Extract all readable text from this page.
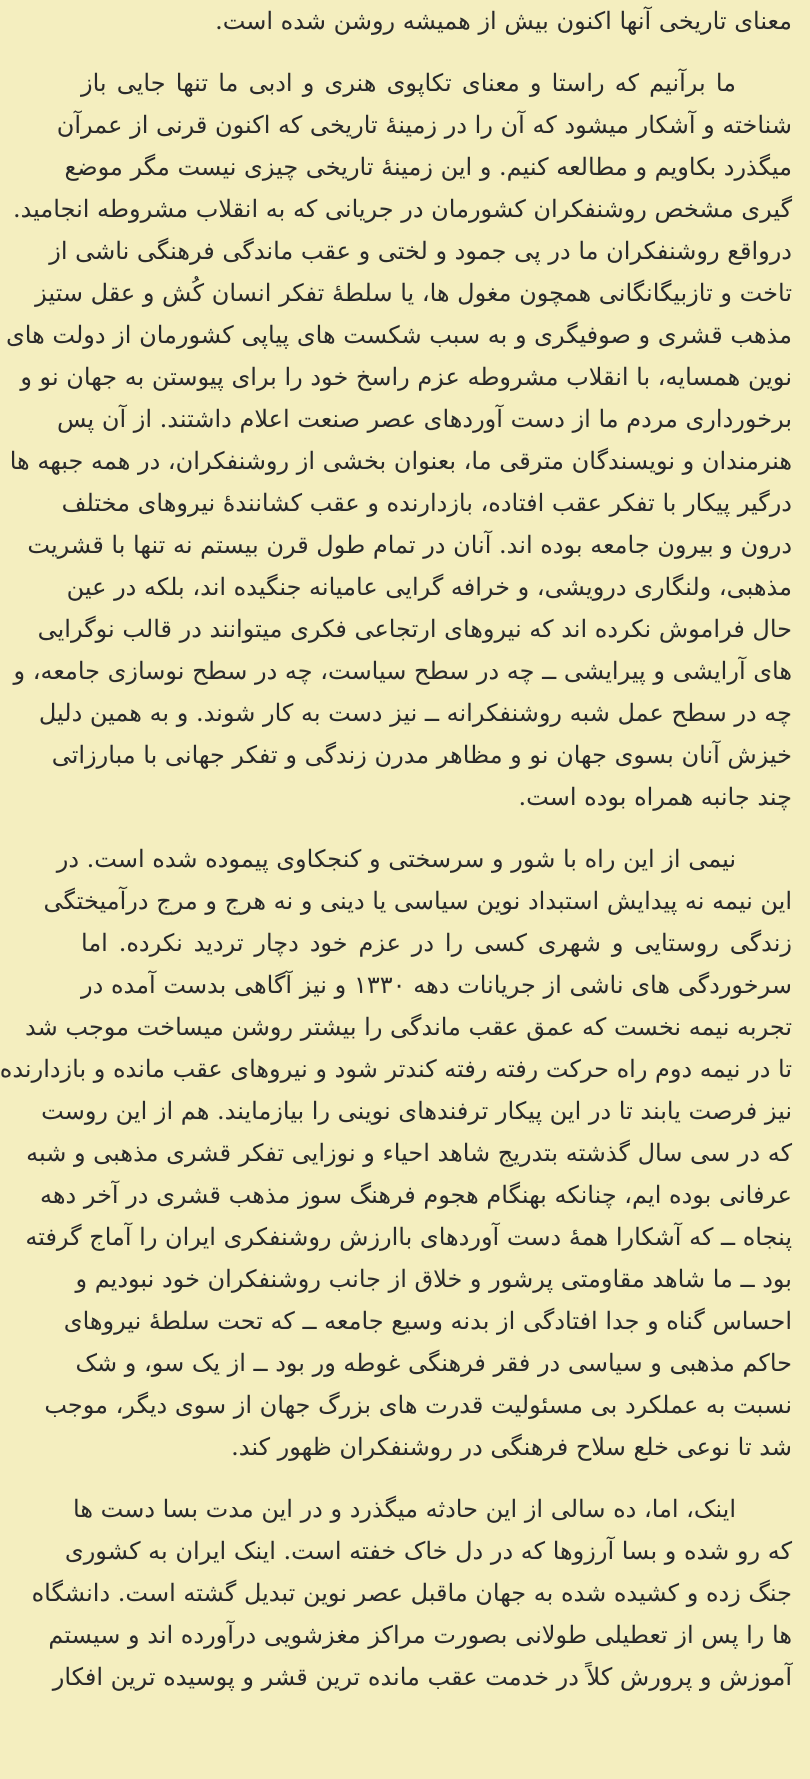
معنای تاریخی آنها اکنون بیش از همیشه روشن شده است.
ما برآنیم که راستا و معنای تکاپوی هنری و ادبی ما تنها جایی باز
شناخته و آشکار میشود که آن را در زمینهٔ تاریخی که اکنون قرنی از عمرآن
میگذرد بکاویم و مطالعه کنیم. و این زمینهٔ تاریخی چیزی نیست مگر موضع
گیری مشخص روشنفکران کشورمان در جریانی که به انقلاب مشروطه انجامید.
درواقع روشنفکران ما در پی جمود و لختی و عقب ماندگی فرهنگی ناشی از
تاخت و تازبیگانگانی همچون مغول ها، یا سلطهٔ تفکر انسان کُش و عقل ستیز
مذهب قشری و صوفیگری و به سبب شکست های پیاپی کشورمان از دولت های
نوین همسایه، با انقلاب مشروطه عزم راسخ خود را برای پیوستن به جهان نو و
برخورداری مردم ما از دست آوردهای عصر صنعت اعلام داشتند. از آن پس
هنرمندان و نویسندگان مترقی ما، بعنوان بخشی از روشنفکران، در همه جبهه ها
درگیر پیکار با تفکر عقب افتاده، بازدارنده و عقب کشانندهٔ نیروهای مختلف
درون و بیرون جامعه بوده اند. آنان در تمام طول قرن بیستم نه تنها با قشریت
مذهبی، ولنگاری درویشی، و خرافه گرایی عامیانه جنگیده اند، بلکه در عین
حال فراموش نکرده اند که نیروهای ارتجاعی فکری میتوانند در قالب نوگرایی
های آرایشی و پیرایشی ــ چه در سطح سیاست، چه در سطح نوسازی جامعه، و
چه در سطح عمل شبه روشنفکرانه ــ نیز دست به کار شوند. و به همین دلیل
خیزش آنان بسوی جهان نو و مظاهر مدرن زندگی و تفکر جهانی با مبارزاتی
چند جانبه همراه بوده است.
نیمی از این راه با شور و سرسختی و کنجکاوی پیموده شده است. در
این نیمه نه پیدایش استبداد نوین سیاسی یا دینی و نه هرج و مرج درآمیختگی
زندگی روستایی و شهری کسی را در عزم خود دچار تردید نکرده. اما
سرخوردگی های ناشی از جریانات دهه ۱۳۳۰ و نیز آگاهی بدست آمده در
تجربه نیمه نخست که عمق عقب ماندگی را بیشتر روشن میساخت موجب شد
تا در نیمه دوم راه حرکت رفته رفته کندتر شود و نیروهای عقب مانده و بازدارنده
نیز فرصت یابند تا در این پیکار ترفندهای نوینی را بیازمایند. هم از این روست
که در سی سال گذشته بتدریج شاهد احیاء و نوزایی تفکر قشری مذهبی و شبه
عرفانی بوده ایم، چنانکه بهنگام هجوم فرهنگ سوز مذهب قشری در آخر دهه
پنجاه ــ که آشکارا همهٔ دست آوردهای باارزش روشنفکری ایران را آماج گرفته
بود ــ ما شاهد مقاومتی پرشور و خلاق از جانب روشنفکران خود نبودیم و
احساس گناه و جدا افتادگی از بدنه وسیع جامعه ــ که تحت سلطهٔ نیروهای
حاکم مذهبی و سیاسی در فقر فرهنگی غوطه ور بود ــ از یک سو، و شک
نسبت به عملکرد بی مسئولیت قدرت های بزرگ جهان از سوی دیگر، موجب
شد تا نوعی خلع سلاح فرهنگی در روشنفکران ظهور کند.
اینک، اما، ده سالی از این حادثه میگذرد و در این مدت بسا دست ها
که رو شده و بسا آرزوها که در دل خاک خفته است. اینک ایران به کشوری
جنگ زده و کشیده شده به جهان ماقبل عصر نوین تبدیل گشته است. دانشگاه
ها را پس از تعطیلی طولانی بصورت مراکز مغزشویی درآورده اند و سیستم
آموزش و پرورش کلاً در خدمت عقب مانده ترین قشر و پوسیده ترین افکار
